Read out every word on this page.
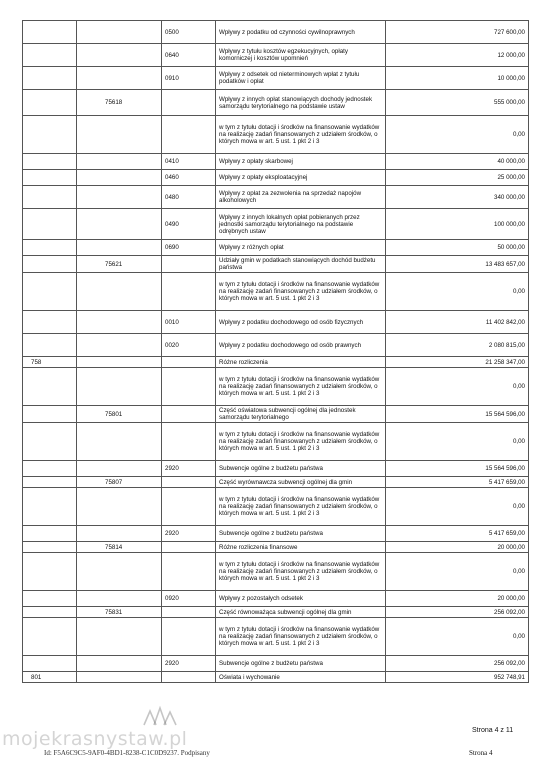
		0500	Wpływy z podatku od czynności cywilnoprawnych	727 600,00
		0640	Wpływy z tytułu kosztów egzekucyjnych, opłaty komorniczej i kosztów upomnień	12 000,00
		0910	Wpływy z odsetek od nieterminowych wpłat z tytułu podatków i opłat	10 000,00
	75618		Wpływy z innych opłat stanowiących dochody jednostek samorządu terytorialnego na podstawie ustaw	555 000,00
			w tym z tytułu dotacji i środków na finansowanie wydatków na realizację zadań finansowanych z udziałem środków, o których mowa w art. 5 ust. 1 pkt 2 i 3	0,00
		0410	Wpływy z opłaty skarbowej	40 000,00
		0460	Wpływy z opłaty eksploatacyjnej	25 000,00
		0480	Wpływy z opłat za zezwolenia na sprzedaż napojów alkoholowych	340 000,00
		0490	Wpływy z innych lokalnych opłat pobieranych przez jednostki samorządu terytorialnego na podstawie odrębnych ustaw	100 000,00
		0690	Wpływy z różnych opłat	50 000,00
	75621		Udziały gmin w podatkach stanowiących dochód budżetu państwa	13 483 657,00
			w tym z tytułu dotacji i środków na finansowanie wydatków na realizację zadań finansowanych z udziałem środków, o których mowa w art. 5 ust. 1 pkt 2 i 3	0,00
		0010	Wpływy z podatku dochodowego od osób fizycznych	11 402 842,00
		0020	Wpływy z podatku dochodowego od osób prawnych	2 080 815,00
758			Różne rozliczenia	21 258 347,00
			w tym z tytułu dotacji i środków na finansowanie wydatków na realizację zadań finansowanych z udziałem środków, o których mowa w art. 5 ust. 1 pkt 2 i 3	0,00
	75801		Część oświatowa subwencji ogólnej dla jednostek samorządu terytorialnego	15 564 596,00
			w tym z tytułu dotacji i środków na finansowanie wydatków na realizację zadań finansowanych z udziałem środków, o których mowa w art. 5 ust. 1 pkt 2 i 3	0,00
		2920	Subwencje ogólne z budżetu państwa	15 564 596,00
	75807		Część wyrównawcza subwencji ogólnej dla gmin	5 417 659,00
			w tym z tytułu dotacji i środków na finansowanie wydatków na realizację zadań finansowanych z udziałem środków, o których mowa w art. 5 ust. 1 pkt 2 i 3	0,00
		2920	Subwencje ogólne z budżetu państwa	5 417 659,00
	75814		Różne rozliczenia finansowe	20 000,00
			w tym z tytułu dotacji i środków na finansowanie wydatków na realizację zadań finansowanych z udziałem środków, o których mowa w art. 5 ust. 1 pkt 2 i 3	0,00
		0920	Wpływy z pozostałych odsetek	20 000,00
	75831		Część równoważąca subwencji ogólnej dla gmin	256 092,00
			w tym z tytułu dotacji i środków na finansowanie wydatków na realizację zadań finansowanych z udziałem środków, o których mowa w art. 5 ust. 1 pkt 2 i 3	0,00
		2920	Subwencje ogólne z budżetu państwa	256 092,00
801			Oświata i wychowanie	952 748,91
mojekrasnystaw.pl	Strona 4 z 11
Id: F5A6C9C5-9AF0-4BD1-8238-C1C0D9237. Podpisany	Strona 4
